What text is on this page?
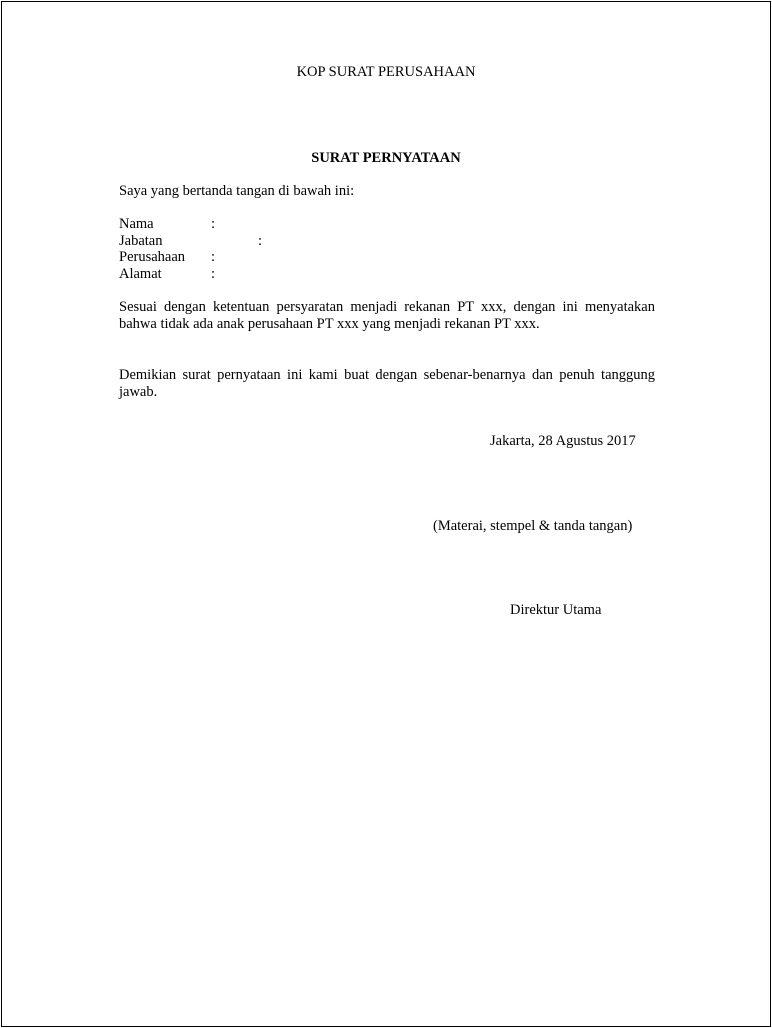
KOP SURAT PERUSAHAAN
SURAT PERNYATAAN
Saya yang bertanda tangan di bawah ini:
Nama	:
Jabatan	:
Perusahaan :
Alamat	:
Sesuai dengan ketentuan persyaratan menjadi rekanan PT xxx, dengan ini menyatakan bahwa tidak ada anak perusahaan PT xxx yang menjadi rekanan PT xxx.
Demikian surat pernyataan ini kami buat dengan sebenar-benarnya dan penuh tanggung jawab.
Jakarta, 28 Agustus 2017
(Materai, stempel & tanda tangan)
Direktur Utama
